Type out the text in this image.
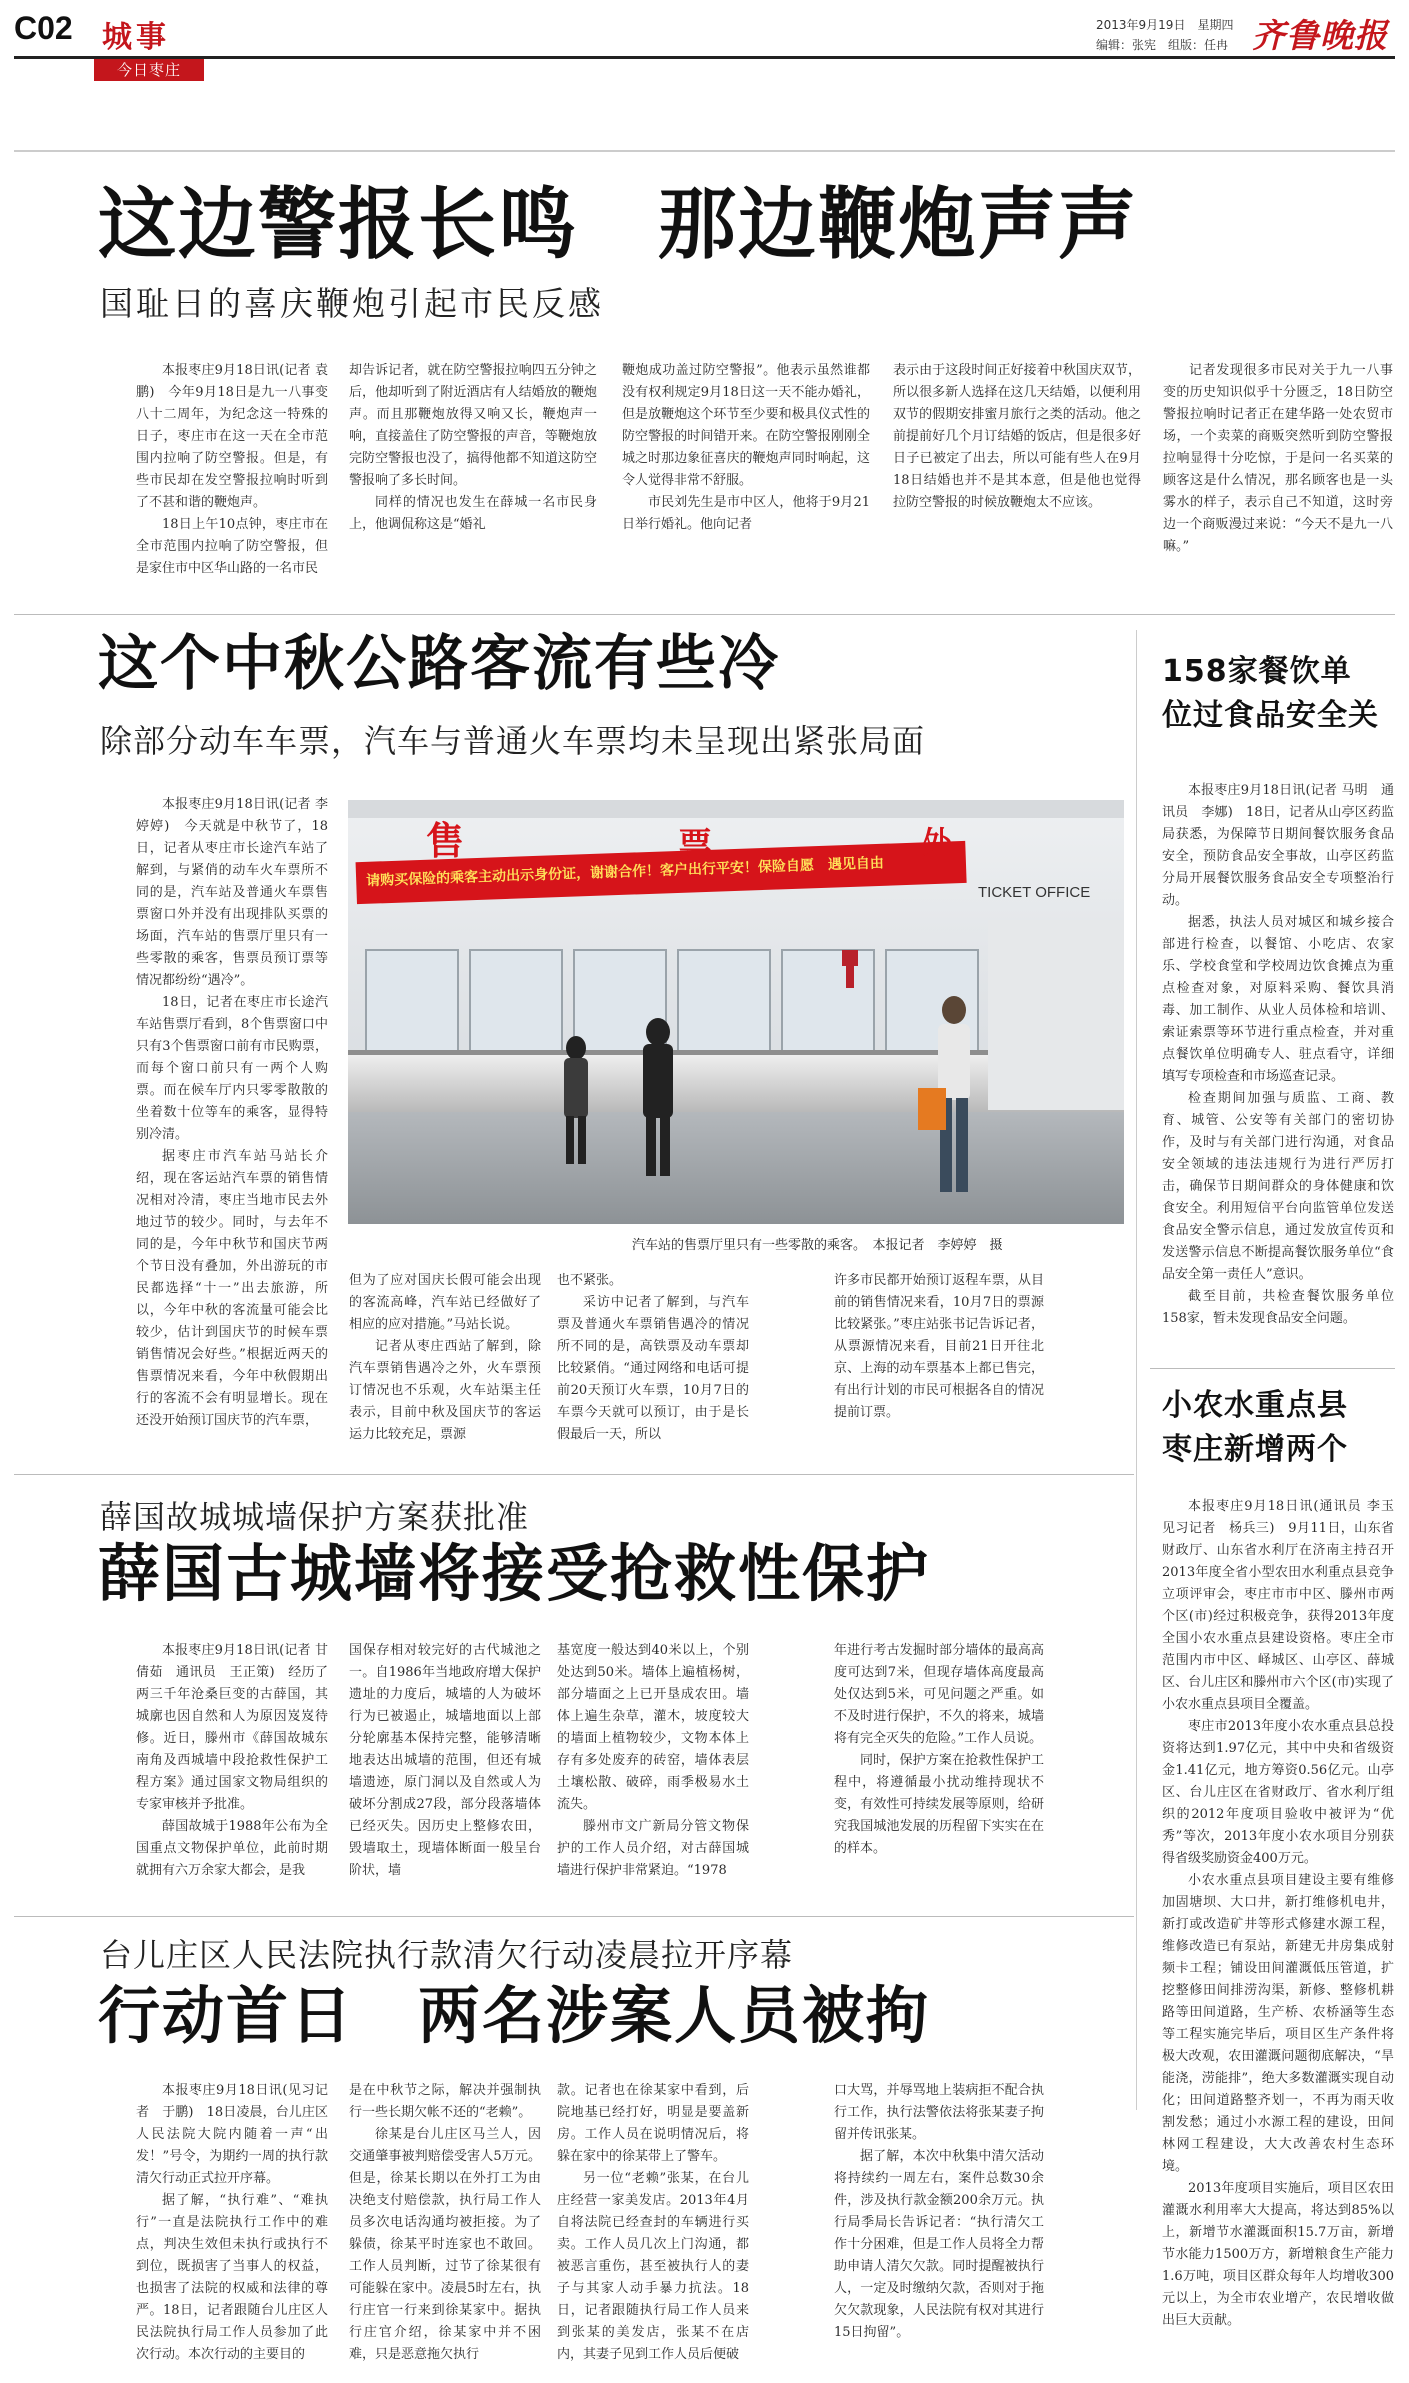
C02 城事
今日枣庄
2013年9月19日　星期四
编辑：张宪　组版：任冉 齐鲁晚报
这边警报长鸣　那边鞭炮声声
国耻日的喜庆鞭炮引起市民反感

本报枣庄9月18日讯(记者 袁鹏)　今年9月18日是九一八事变八十二周年，为纪念这一特殊的日子，枣庄市在这一天在全市范围内拉响了防空警报。但是，有些市民却在发空警报拉响时听到了不甚和谐的鞭炮声。

18日上午10点钟，枣庄市在全市范围内拉响了防空警报，但是家住市中区华山路的一名市民

却告诉记者，就在防空警报拉响四五分钟之后，他却听到了附近酒店有人结婚放的鞭炮声。而且那鞭炮放得又响又长，鞭炮声一响，直接盖住了防空警报的声音，等鞭炮放完防空警报也没了，搞得他都不知道这防空警报响了多长时间。

同样的情况也发生在薛城一名市民身上，他调侃称这是“婚礼

鞭炮成功盖过防空警报”。他表示虽然谁都没有权利规定9月18日这一天不能办婚礼，但是放鞭炮这个环节至少要和极具仪式性的防空警报的时间错开来。在防空警报刚刚全城之时那边象征喜庆的鞭炮声同时响起，这令人觉得非常不舒服。

市民刘先生是市中区人，他将于9月21日举行婚礼。他向记者

表示由于这段时间正好接着中秋国庆双节，所以很多新人选择在这几天结婚，以便利用双节的假期安排蜜月旅行之类的活动。他之前提前好几个月订结婚的饭店，但是很多好日子已被定了出去，所以可能有些人在9月18日结婚也并不是其本意，但是他也觉得拉防空警报的时候放鞭炮太不应该。

记者发现很多市民对关于九一八事变的历史知识似乎十分匮乏，18日防空警报拉响时记者正在建华路一处农贸市场，一个卖菜的商贩突然听到防空警报拉响显得十分吃惊，于是问一名买菜的顾客这是什么情况，那名顾客也是一头雾水的样子，表示自己不知道，这时旁边一个商贩漫过来说：“今天不是九一八嘛。”

这个中秋公路客流有些冷
除部分动车车票，汽车与普通火车票均未呈现出紧张局面

本报枣庄9月18日讯(记者 李婷婷)　今天就是中秋节了，18日，记者从枣庄市长途汽车站了解到，与紧俏的动车火车票所不同的是，汽车站及普通火车票售票窗口外并没有出现排队买票的场面，汽车站的售票厅里只有一些零散的乘客，售票员预订票等情况都纷纷“遇冷”。

18日，记者在枣庄市长途汽车站售票厅看到，8个售票窗口中只有3个售票窗口前有市民购票，而每个窗口前只有一两个人购票。而在候车厅内只零零散散的坐着数十位等车的乘客，显得特别冷清。

据枣庄市汽车站马站长介绍，现在客运站汽车票的销售情况相对冷清，枣庄当地市民去外地过节的较少。同时，与去年不同的是，今年中秋节和国庆节两个节日没有叠加，外出游玩的市民都选择“十一”出去旅游，所以，今年中秋的客流量可能会比较少，估计到国庆节的时候车票销售情况会好些。”根据近两天的售票情况来看，今年中秋假期出行的客流不会有明显增长。现在还没开始预订国庆节的汽车票，

售	票	处
请购买保险的乘客主动出示身份证，谢谢合作！客户出行平安！保险自愿　遇见自由
TICKET OFFICE
汽车站的售票厅里只有一些零散的乘客。　本报记者　李婷婷　摄

但为了应对国庆长假可能会出现的客流高峰，汽车站已经做好了相应的应对措施。”马站长说。

记者从枣庄西站了解到，除汽车票销售遇冷之外，火车票预订情况也不乐观，火车站渠主任表示，目前中秋及国庆节的客运运力比较充足，票源

也不紧张。

采访中记者了解到，与汽车票及普通火车票销售遇冷的情况所不同的是，高铁票及动车票却比较紧俏。“通过网络和电话可提前20天预订火车票，10月7日的车票今天就可以预订，由于是长假最后一天，所以

许多市民都开始预订返程车票，从目前的销售情况来看，10月7日的票源比较紧张。”枣庄站张书记告诉记者，从票源情况来看，目前21日开往北京、上海的动车票基本上都已售完，有出行计划的市民可根据各自的情况提前订票。

158家餐饮单位过食品安全关

本报枣庄9月18日讯(记者 马明　通讯员　李娜)　18日，记者从山亭区药监局获悉，为保障节日期间餐饮服务食品安全，预防食品安全事故，山亭区药监分局开展餐饮服务食品安全专项整治行动。

据悉，执法人员对城区和城乡接合部进行检查，以餐馆、小吃店、农家乐、学校食堂和学校周边饮食摊点为重点检查对象，对原料采购、餐饮具消毒、加工制作、从业人员体检和培训、索证索票等环节进行重点检查，并对重点餐饮单位明确专人、驻点看守，详细填写专项检查和市场巡查记录。

检查期间加强与质监、工商、教育、城管、公安等有关部门的密切协作，及时与有关部门进行沟通，对食品安全领域的违法违规行为进行严厉打击，确保节日期间群众的身体健康和饮食安全。利用短信平台向监管单位发送食品安全警示信息，通过发放宣传页和发送警示信息不断提高餐饮服务单位“食品安全第一责任人”意识。

截至目前，共检查餐饮服务单位158家，暂未发现食品安全问题。

小农水重点县枣庄新增两个

本报枣庄9月18日讯(通讯员 李玉　见习记者　杨兵三)　9月11日，山东省财政厅、山东省水利厅在济南主持召开2013年度全省小型农田水利重点县竞争立项评审会，枣庄市市中区、滕州市两个区(市)经过积极竞争，获得2013年度全国小农水重点县建设资格。枣庄全市范围内市中区、峄城区、山亭区、薛城区、台儿庄区和滕州市六个区(市)实现了小农水重点县项目全覆盖。

枣庄市2013年度小农水重点县总投资将达到1.97亿元，其中中央和省级资金1.41亿元，地方筹资0.56亿元。山亭区、台儿庄区在省财政厅、省水利厅组织的2012年度项目验收中被评为“优秀”等次，2013年度小农水项目分别获得省级奖励资金400万元。

小农水重点县项目建设主要有维修加固塘坝、大口井，新打维修机电井，新打或改造矿井等形式修建水源工程，维修改造已有泵站，新建无井房集成射频卡工程；铺设田间灌溉低压管道，扩挖整修田间排涝沟渠，新修、整修机耕路等田间道路，生产桥、农桥涵等生态等工程实施完毕后，项目区生产条件将极大改观，农田灌溉问题彻底解决，“旱能浇，涝能排”，绝大多数灌溉实现自动化；田间道路整齐划一，不再为雨天收割发愁；通过小水源工程的建设，田间林网工程建设，大大改善农村生态环境。

2013年度项目实施后，项目区农田灌溉水利用率大大提高，将达到85%以上，新增节水灌溉面积15.7万亩，新增节水能力1500万方，新增粮食生产能力1.6万吨，项目区群众每年人均增收300元以上，为全市农业增产，农民增收做出巨大贡献。

薛国故城城墙保护方案获批准
薛国古城墙将接受抢救性保护

本报枣庄9月18日讯(记者 甘倩茹　通讯员　王正策)　经历了两三千年沧桑巨变的古薛国，其城廓也因自然和人为原因岌岌待修。近日，滕州市《薛国故城东南角及西城墙中段抢救性保护工程方案》通过国家文物局组织的专家审核并予批准。

薛国故城于1988年公布为全国重点文物保护单位，此前时期就拥有六万余家大都会，是我

国保存相对较完好的古代城池之一。自1986年当地政府增大保护遗址的力度后，城墙的人为破坏行为已被遏止，城墙地面以上部分轮廓基本保持完整，能够清晰地表达出城墙的范围，但还有城墙遗迹，原门洞以及自然或人为破坏分割成27段，部分段落墙体已经灭失。因历史上整修农田，毁墙取土，现墙体断面一般呈台阶状，墙

基宽度一般达到40米以上，个别处达到50米。墙体上遍植杨树，部分墙面之上已开垦成农田。墙体上遍生杂草，灌木，坡度较大的墙面上植物较少，文物本体上存有多处废弃的砖窑，墙体表层土壤松散、破碎，雨季极易水土流失。

滕州市文广新局分管文物保护的工作人员介绍，对古薛国城墙进行保护非常紧迫。“1978

年进行考古发掘时部分墙体的最高高度可达到7米，但现存墙体高度最高处仅达到5米，可见问题之严重。如不及时进行保护，不久的将来，城墙将有完全灭失的危险。”工作人员说。

同时，保护方案在抢救性保护工程中，将遵循最小扰动维持现状不变，有效性可持续发展等原则，给研究我国城池发展的历程留下实实在在的样本。

台儿庄区人民法院执行款清欠行动凌晨拉开序幕
行动首日　两名涉案人员被拘

本报枣庄9月18日讯(见习记者　于鹏)　18日凌晨，台儿庄区人民法院大院内随着一声“出发！”号令，为期约一周的执行款清欠行动正式拉开序幕。

据了解，“执行难”、“难执行”一直是法院执行工作中的难点，判决生效但未执行或执行不到位，既损害了当事人的权益，也损害了法院的权威和法律的尊严。18日，记者跟随台儿庄区人民法院执行局工作人员参加了此次行动。本次行动的主要目的

是在中秋节之际，解决并强制执行一些长期欠帐不还的“老赖”。

徐某是台儿庄区马兰人，因交通肇事被判赔偿受害人5万元。但是，徐某长期以在外打工为由决绝支付赔偿款，执行局工作人员多次电话沟通均被拒接。为了躲债，徐某平时连家也不敢回。工作人员判断，过节了徐某很有可能躲在家中。凌晨5时左右，执行庄官一行来到徐某家中。据执行庄官介绍，徐某家中并不困难，只是恶意拖欠执行

款。记者也在徐某家中看到，后院地基已经打好，明显是要盖新房。工作人员在说明情况后，将躲在家中的徐某带上了警车。

另一位“老赖”张某，在台儿庄经营一家美发店。2013年4月自将法院已经查封的车辆进行买卖。工作人员几次上门沟通，都被恶言重伤，甚至被执行人的妻子与其家人动手暴力抗法。18日，记者跟随执行局工作人员来到张某的美发店，张某不在店内，其妻子见到工作人员后便破

口大骂，并辱骂地上装病拒不配合执行工作，执行法警依法将张某妻子拘留并传讯张某。

据了解，本次中秋集中清欠活动将持续约一周左右，案件总数30余件，涉及执行款金额200余万元。执行局季局长告诉记者：“执行清欠工作十分困难，但是工作人员将全力帮助申请人清欠欠款。同时提醒被执行人，一定及时缴纳欠款，否则对于拖欠欠款现象，人民法院有权对其进行15日拘留”。
